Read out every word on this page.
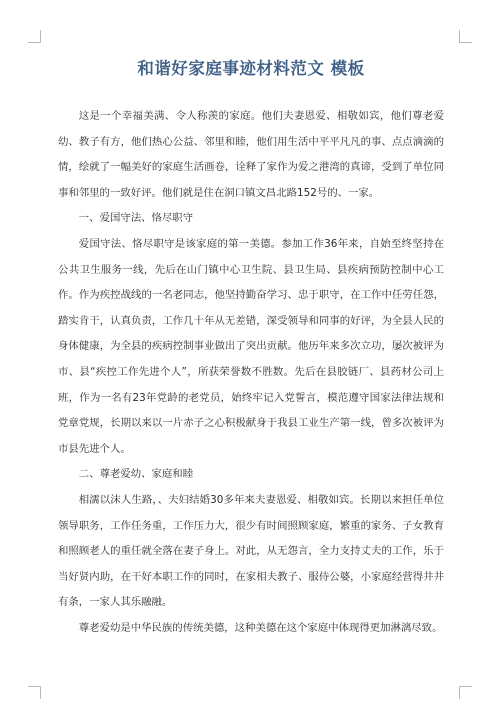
和谐好家庭事迹材料范文 模板

这是一个幸福美满、令人称羡的家庭。他们夫妻恩爱、相敬如宾，他们尊老爱幼、教子有方，他们热心公益、邻里和睦，他们用生活中平平凡凡的事、点点滴滴的情，绘就了一幅美好的家庭生活画卷，诠释了家作为爱之港湾的真谛，受到了单位同事和邻里的一致好评。他们就是住在洞口镇文昌北路152号的、一家。

一、爱国守法、恪尽职守

爱国守法、恪尽职守是该家庭的第一美德。参加工作36年来，自始至终坚持在公共卫生服务一线，先后在山门镇中心卫生院、县卫生局、县疾病预防控制中心工作。作为疾控战线的一名老同志，他坚持勤奋学习、忠于职守，在工作中任劳任怨，踏实肯干，认真负责，工作几十年从无差错，深受领导和同事的好评，为全县人民的身体健康，为全县的疾病控制事业做出了突出贡献。他历年来多次立功，屡次被评为市、县“疾控工作先进个人”，所获荣誉数不胜数。先后在县胶链厂、县药材公司上班，作为一名有23年党龄的老党员，始终牢记入党誓言，模范遵守国家法律法规和党章党规，长期以来以一片赤子之心积极献身于我县工业生产第一线，曾多次被评为市县先进个人。

二、尊老爱幼、家庭和睦

相濡以沫人生路，、夫妇结婚30多年来夫妻恩爱、相敬如宾。长期以来担任单位领导职务，工作任务重，工作压力大，很少有时间照顾家庭，繁重的家务、子女教育和照顾老人的重任就全落在妻子身上。对此，从无怨言，全力支持丈夫的工作，乐于当好贤内助，在干好本职工作的同时，在家相夫教子、服侍公婆，小家庭经营得井井有条，一家人其乐融融。

尊老爱幼是中华民族的传统美德，这种美德在这个家庭中体现得更加淋漓尽致。
